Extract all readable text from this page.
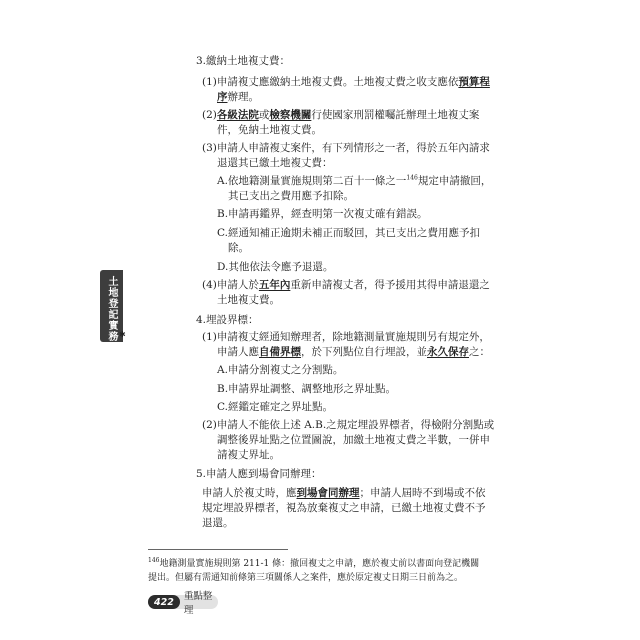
土地登記實務 ✱
3.繳納土地複丈費：
(1)申請複丈應繳納土地複丈費。土地複丈費之收支應依預算程
序辦理。
(2)各級法院或檢察機關行使國家刑罰權囑託辦理土地複丈案
件，免納土地複丈費。
(3)申請人申請複丈案件，有下列情形之一者，得於五年內請求
退還其已繳土地複丈費：
A.依地籍測量實施規則第二百十一條之一$^{146}$規定申請撤回，
其已支出之費用應予扣除。
B.申請再鑑界，經查明第一次複丈確有錯誤。
C.經通知補正逾期未補正而駁回，其已支出之費用應予扣
除。
D.其他依法令應予退還。
(4)申請人於五年內重新申請複丈者，得予援用其得申請退還之
土地複丈費。
4.埋設界標：
(1)申請複丈經通知辦理者，除地籍測量實施規則另有規定外，
申請人應自備界標，於下列點位自行埋設，並永久保存之：
A.申請分割複丈之分割點。
B.申請界址調整、調整地形之界址點。
C.經鑑定確定之界址點。
(2)申請人不能依上述 A.B.之規定埋設界標者，得檢附分割點或
調整後界址點之位置圖說，加繳土地複丈費之半數，一併申
請複丈界址。
5.申請人應到場會同辦理：
申請人於複丈時，應到場會同辦理；申請人屆時不到場或不依
規定埋設界標者，視為放棄複丈之申請，已繳土地複丈費不予
退還。
$^{146}$地籍測量實施規則第 211-1 條：撤回複丈之申請，應於複丈前以書面向登記機關
提出。但屬有需通知前條第三項關係人之案件，應於原定複丈日期三日前為之。
422	重點整理
